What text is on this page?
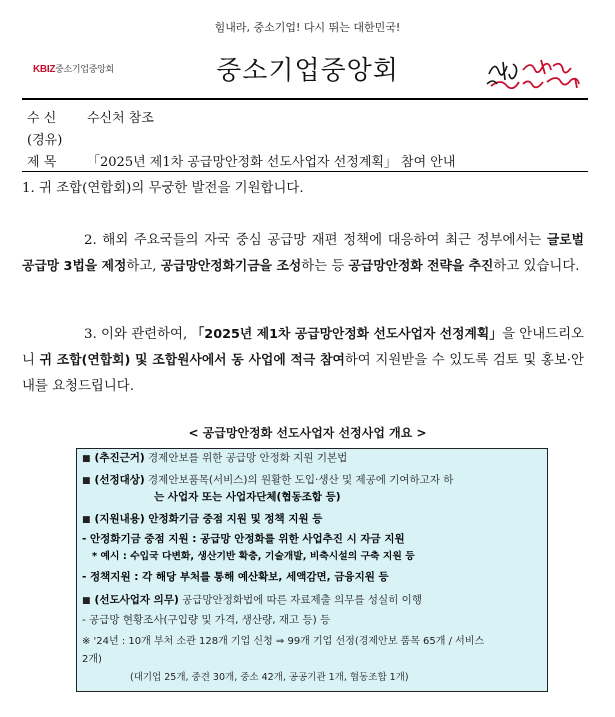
힘내라, 중소기업! 다시 뛰는 대한민국!
KBIZ중소기업중앙회	중소기업중앙회
수 신 수신처 참조
(경유)
제 목 「2025년 제1차 공급망안정화 선도사업자 선정계획」 참여 안내
1. 귀 조합(연합회)의 무궁한 발전을 기원합니다.
2. 해외 주요국들의 자국 중심 공급망 재편 정책에 대응하여 최근 정부에서는 글로벌 공급망 3법을 제정하고, 공급망안정화기금을 조성하는 등 공급망안정화 전략을 추진하고 있습니다.
3. 이와 관련하여, 「2025년 제1차 공급망안정화 선도사업자 선정계획」을 안내드리오니 귀 조합(연합회) 및 조합원사에서 동 사업에 적극 참여하여 지원받을 수 있도록 검토 및 홍보·안내를 요청드립니다.
< 공급망안정화 선도사업자 선정사업 개요 >
■ (추진근거) 경제안보를 위한 공급망 안정화 지원 기본법
■ (선정대상) 경제안보품목(서비스)의 원활한 도입·생산 및 제공에 기여하고자 하
는 사업자 또는 사업자단체(협동조합 등)
■ (지원내용) 안정화기금 중점 지원 및 정책 지원 등
- 안정화기금 중점 지원 : 공급망 안정화를 위한 사업추진 시 자금 지원
* 예시 : 수입국 다변화, 생산기반 확충, 기술개발, 비축시설의 구축 지원 등
- 정책지원 : 각 해당 부처를 통해 예산확보, 세액감면, 금융지원 등
■ (선도사업자 의무) 공급망안정화법에 따른 자료제출 의무를 성실히 이행
- 공급망 현황조사(구입량 및 가격, 생산량, 재고 등) 등
※ '24년 : 10개 부처 소관 128개 기업 신청 ⇒ 99개 기업 선정(경제안보 품목 65개 / 서비스
2개)
(대기업 25개, 중견 30개, 중소 42개, 공공기관 1개, 협동조합 1개)
